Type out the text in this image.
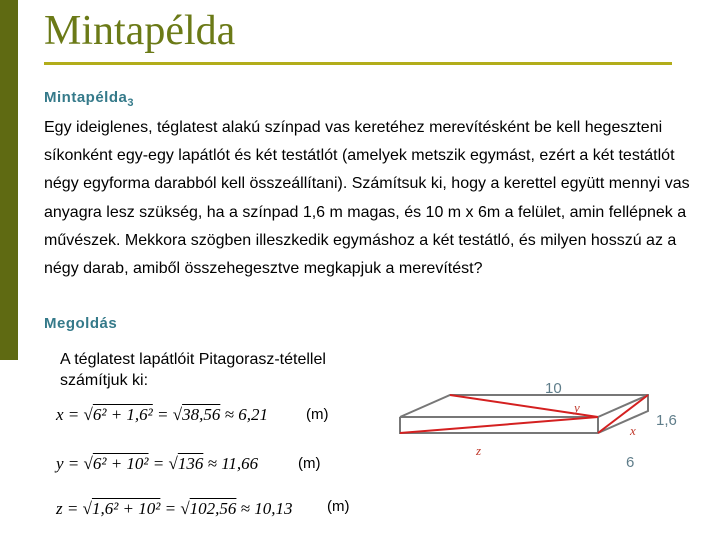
Mintapélda
Mintapélda$_3$
Egy ideiglenes, téglatest alakú színpad vas keretéhez merevítésként be kell hegeszteni síkonként egy-egy lapátlót és két testátlót (amelyek metszik egymást, ezért a két testátlót négy egyforma darabból kell összeállítani). Számítsuk ki, hogy a kerettel együtt mennyi vas anyagra lesz szükség, ha a színpad 1,6 m magas, és 10 m x 6m a felület, amin fellépnek a művészek. Mekkora szögben illeszkedik egymáshoz a két testátló, és milyen hosszú az a négy darab, amiből összehegesztve megkapjuk a merevítést?
Megoldás
A téglatest lapátlóit Pitagorasz-tétellel számítjuk ki:
x = √6² + 1,6² = √38,56 ≈ 6,21	(m)
y = √6² + 10² = √136 ≈ 11,66	(m)
z = √1,6² + 10² = √102,56 ≈ 10,13 (m)
10
1,6
6
y
x
z
